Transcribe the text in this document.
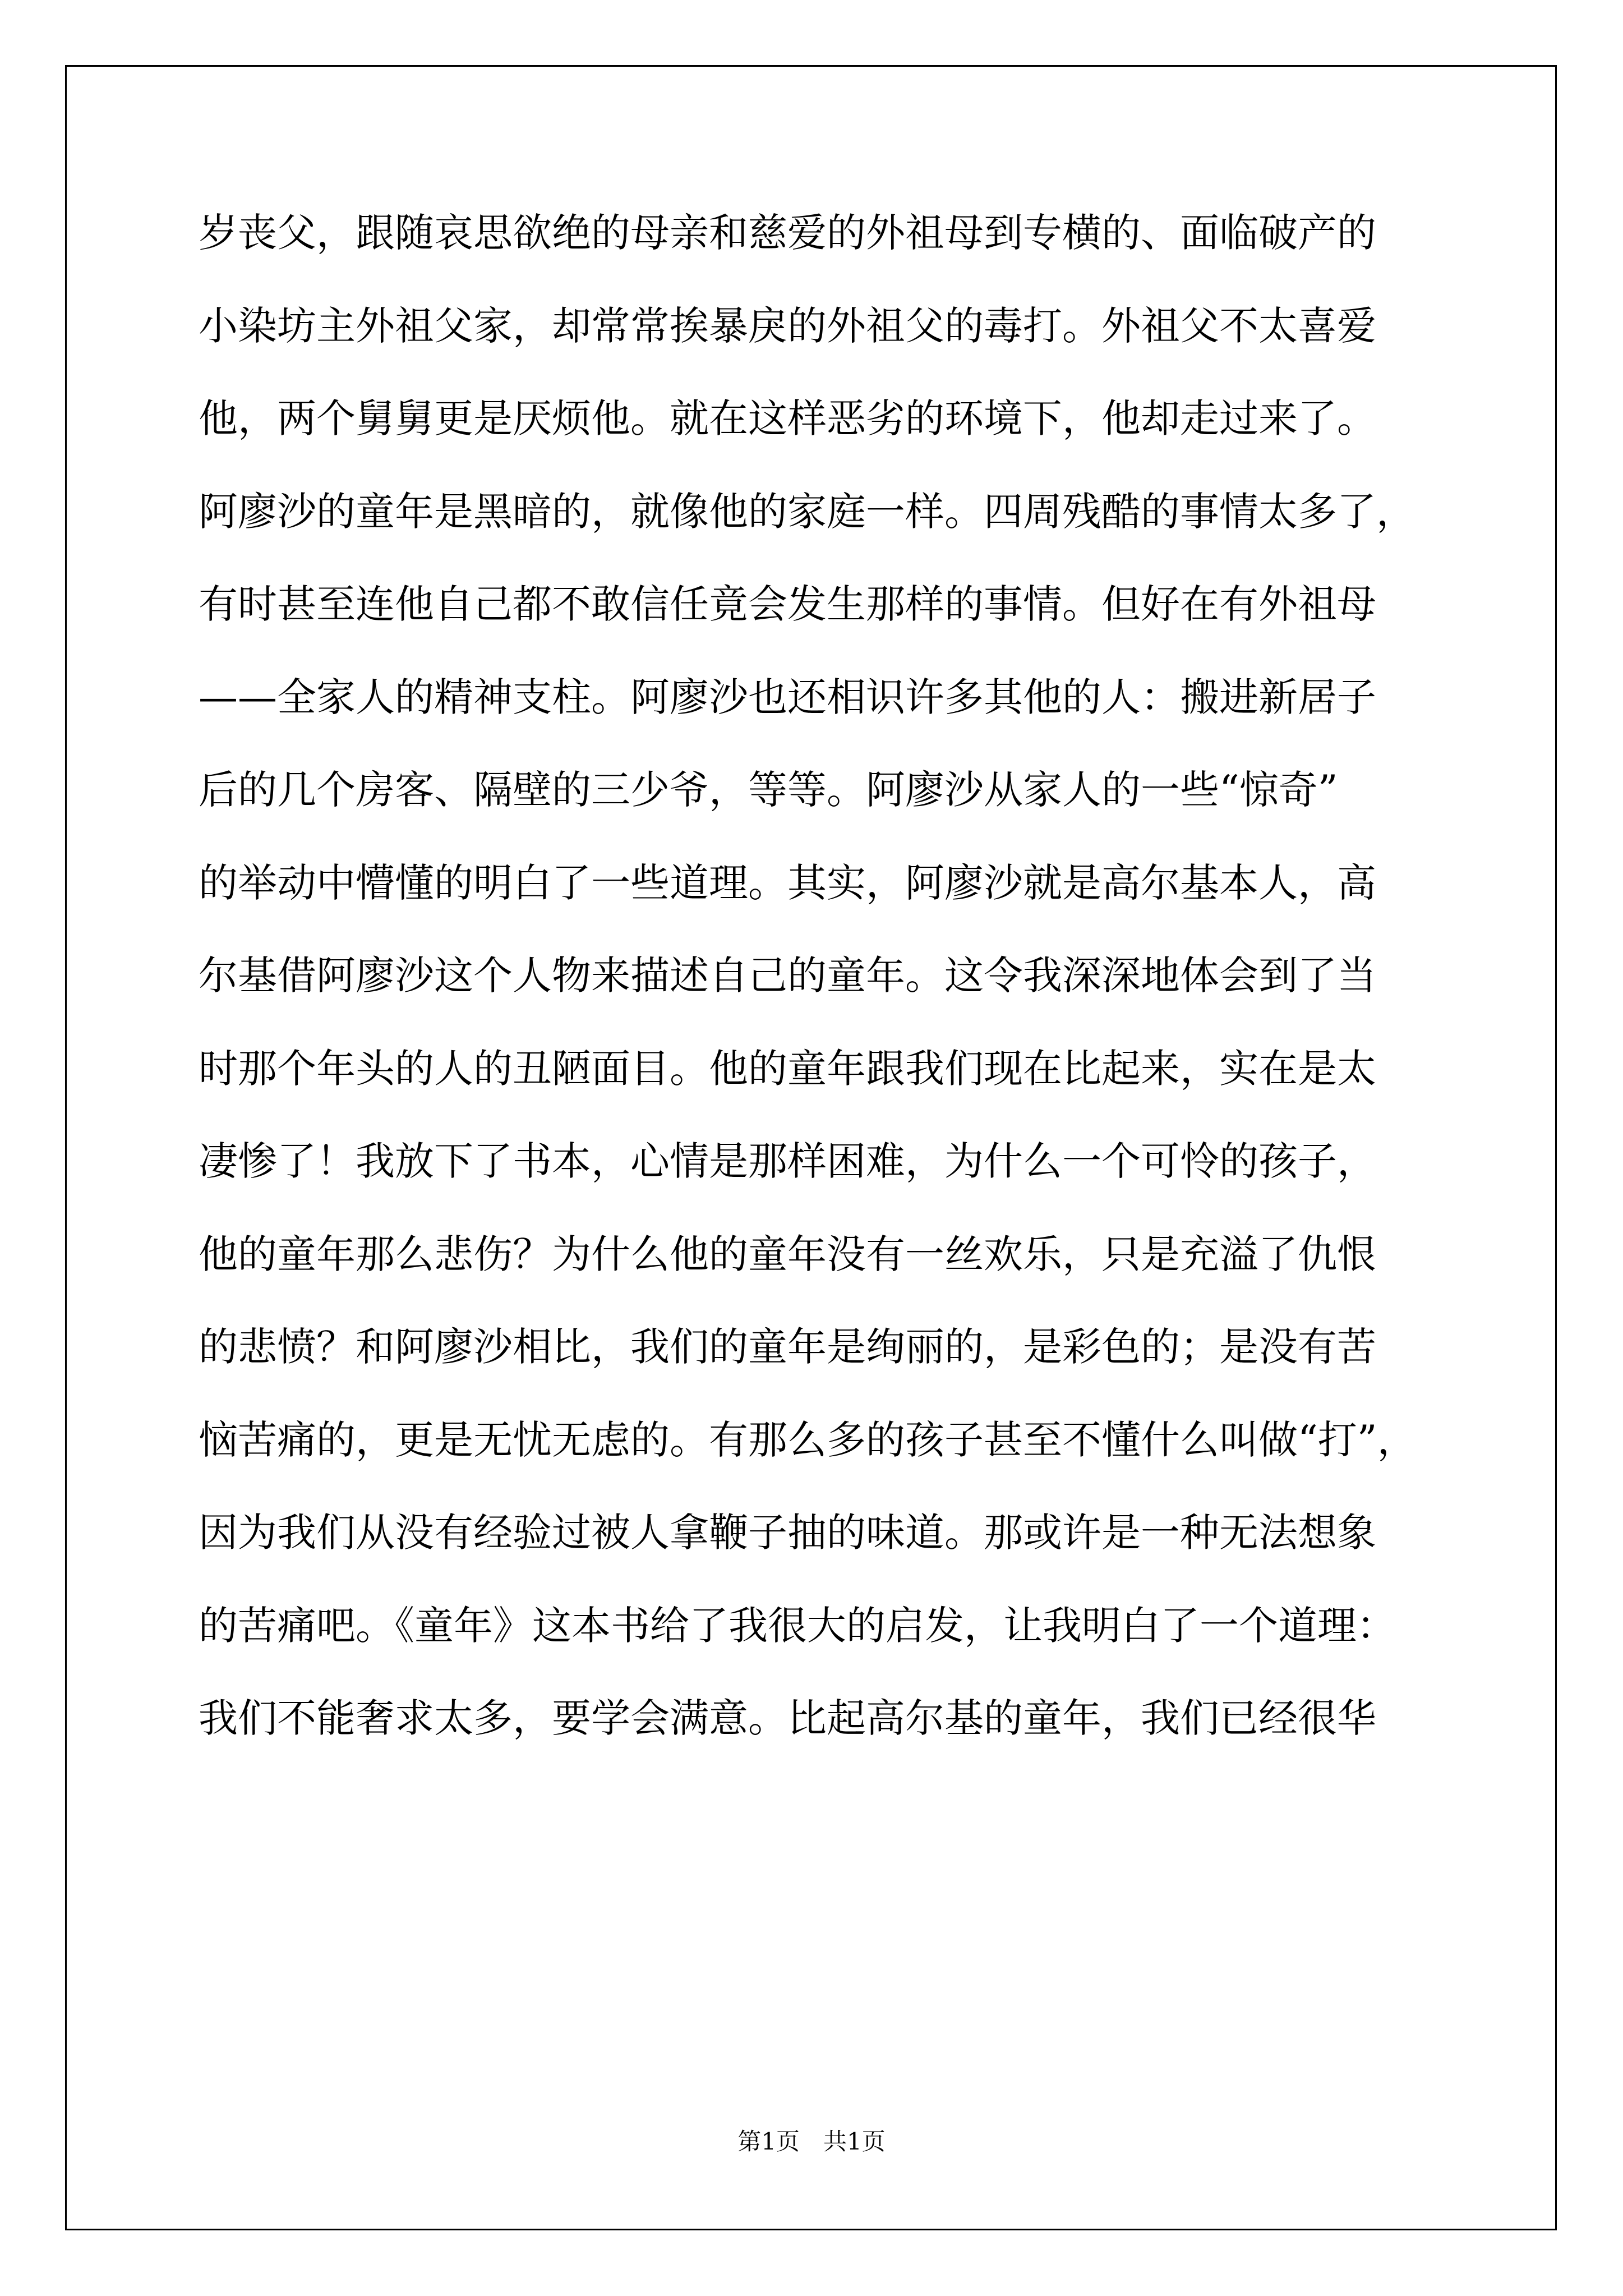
岁丧父，跟随哀思欲绝的母亲和慈爱的外祖母到专横的、面临破产的
小染坊主外祖父家，却常常挨暴戾的外祖父的毒打。外祖父不太喜爱
他，两个舅舅更是厌烦他。就在这样恶劣的环境下，他却走过来了。
阿廖沙的童年是黑暗的，就像他的家庭一样。四周残酷的事情太多了，
有时甚至连他自己都不敢信任竟会发生那样的事情。但好在有外祖母
——全家人的精神支柱。阿廖沙也还相识许多其他的人：搬进新居子
后的几个房客、隔壁的三少爷，等等。阿廖沙从家人的一些“惊奇”
的举动中懵懂的明白了一些道理。其实，阿廖沙就是高尔基本人，高
尔基借阿廖沙这个人物来描述自己的童年。这令我深深地体会到了当
时那个年头的人的丑陋面目。他的童年跟我们现在比起来，实在是太
凄惨了！我放下了书本，心情是那样困难，为什么一个可怜的孩子，
他的童年那么悲伤？为什么他的童年没有一丝欢乐，只是充溢了仇恨
的悲愤？和阿廖沙相比，我们的童年是绚丽的，是彩色的；是没有苦
恼苦痛的，更是无忧无虑的。有那么多的孩子甚至不懂什么叫做“打”，
因为我们从没有经验过被人拿鞭子抽的味道。那或许是一种无法想象
的苦痛吧。《童年》这本书给了我很大的启发，让我明白了一个道理：
我们不能奢求太多，要学会满意。比起高尔基的童年，我们已经很华
第1页　共1页
